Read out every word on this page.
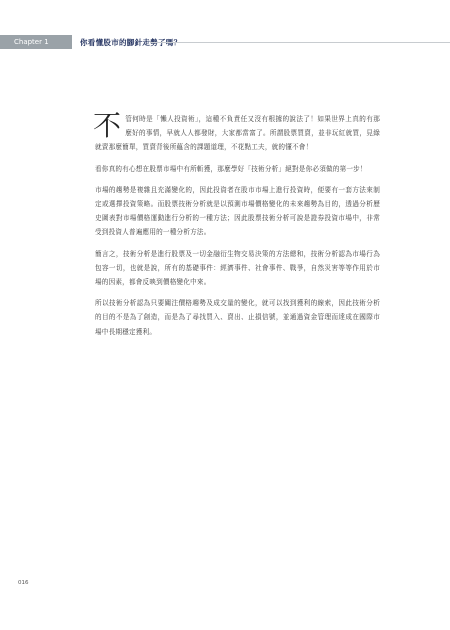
Chapter 1	你看懂股市的腳針走勢了嗎？

不 管何時是「懶人投資術」，這種不負責任又沒有根據的說法了！如果世界上真的有那麼好的事情，早就人人都發財，大家都當富了。所謂股票買賣，並非玩紅就買，見綠就賣那麼簡單，買賣背後所蘊含的課題道理，不花點工夫，就的懂不會！

看你真的有心想在股票市場中有所斬獲，那麼學好「技術分析」絕對是你必須做的第一步！

市場的趨勢是複雜且充滿變化的，因此投資者在股市市場上進行投資時，便要有一套方法來制定或選擇投資策略。而股票技術分析就是以預測市場價格變化的未來趨勢為目的，透過分析歷史圖表對市場價格運動進行分析的一種方法；因此股票技術分析可說是證券投資市場中，非常受到投資人普遍應用的一種分析方法。

簡言之，技術分析是進行股票及一切金融衍生物交易決策的方法總和，技術分析認為市場行為包容一切，也就是說，所有的基礎事件：經濟事件、社會事件、戰爭，自然災害等等作用於市場的因素，都會反映到價格變化中來。

所以技術分析認為只要關注價格趨勢及成交量的變化，就可以找到獲利的線索，因此技術分析的目的不是為了創造，而是為了尋找買入、賣出、止損信號，並通過資金管理而達成在國際市場中長期穩定獲利。

016
